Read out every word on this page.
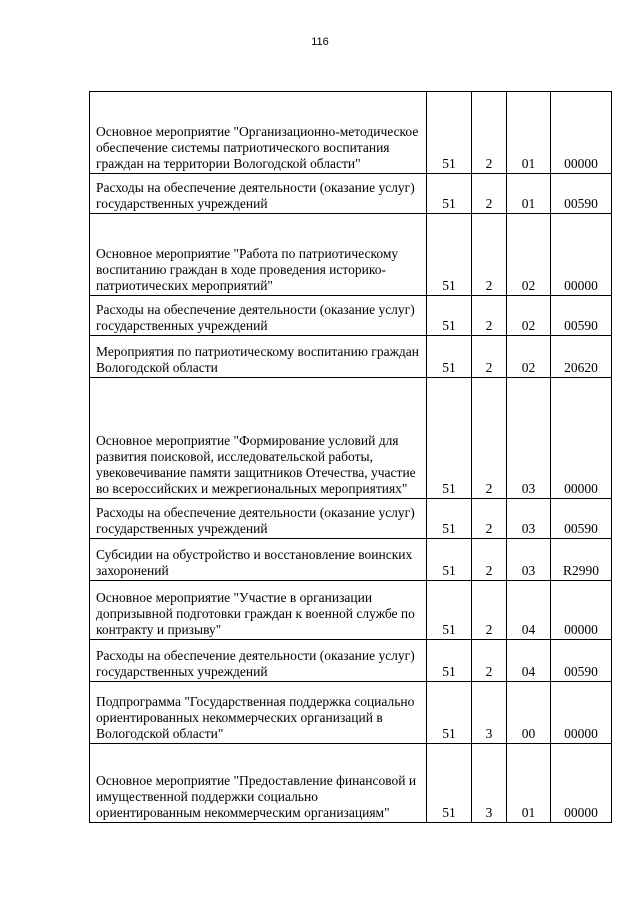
116
Основное мероприятие "Организационно-методическое обеспечение системы патриотического воспитания граждан на территории Вологодской области"	51	2	01	00000
Расходы на обеспечение деятельности (оказание услуг) государственных учреждений	51	2	01	00590
Основное мероприятие "Работа по патриотическому воспитанию граждан в ходе проведения историко-патриотических мероприятий"	51	2	02	00000
Расходы на обеспечение деятельности (оказание услуг) государственных учреждений	51	2	02	00590
Мероприятия по патриотическому воспитанию граждан Вологодской области	51	2	02	20620
Основное мероприятие "Формирование условий для развития поисковой, исследовательской работы, увековечивание памяти защитников Отечества, участие во всероссийских и межрегиональных мероприятиях"	51	2	03	00000
Расходы на обеспечение деятельности (оказание услуг) государственных учреждений	51	2	03	00590
Субсидии на обустройство и восстановление воинских захоронений	51	2	03	R2990
Основное мероприятие "Участие в организации допризывной подготовки граждан к военной службе по контракту и призыву"	51	2	04	00000
Расходы на обеспечение деятельности (оказание услуг) государственных учреждений	51	2	04	00590
Подпрограмма "Государственная поддержка социально ориентированных некоммерческих организаций в Вологодской области"	51	3	00	00000
Основное мероприятие "Предоставление финансовой и имущественной поддержки социально ориентированным некоммерческим организациям"	51	3	01	00000
